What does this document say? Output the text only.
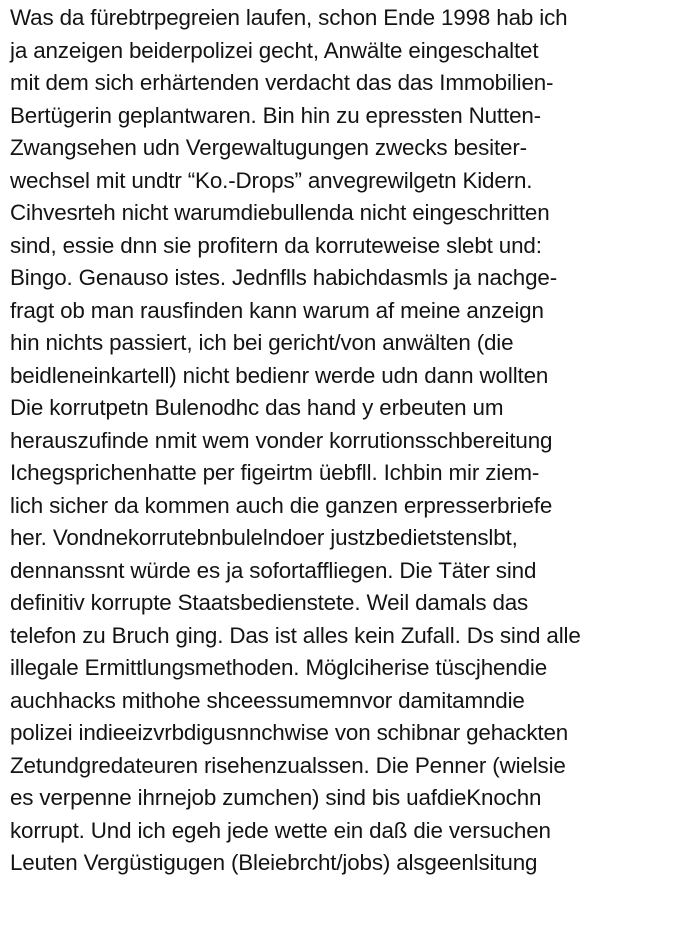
Was da fürebtrpegreien laufen, schon Ende 1998 hab ich
ja anzeigen beiderpolizei gecht, Anwälte eingeschaltet
mit dem sich erhärtenden verdacht das das Immobilien-
Bertügerin geplantwaren. Bin hin zu epressten Nutten-
Zwangsehen udn Vergewaltugungen zwecks besiter-
wechsel mit undtr “Ko.-Drops” anvegrewilgetn Kidern.
Cihvesrteh nicht warumdiebullenda nicht eingeschritten
sind, essie dnn sie profitern da korruteweise slebt und:
Bingo. Genauso istes. Jednflls habichdasmls ja nachge-
fragt ob man rausfinden kann warum af meine anzeign
hin nichts passiert, ich bei gericht/von anwälten (die
beidleneinkartell) nicht bedienr werde udn dann wollten
Die korrutpetn Bulenodhc das hand y erbeuten um
herauszufinde nmit wem vonder korrutionsschbereitung
Ichegsprichenhatte per figeirtm üebfll. Ichbin mir ziem-
lich sicher da kommen auch die ganzen erpresserbriefe
her. Vondnekorrutebnbulelndoer justzbedietstenslbt,
dennanssnt würde es ja sofortaffliegen. Die Täter sind
definitiv korrupte Staatsbedienstete. Weil damals das
telefon zu Bruch ging. Das ist alles kein Zufall. Ds sind alle
illegale Ermittlungsmethoden. Möglciherise tüscjhendie
auchhacks mithohe shceessumemnvor damitamndie
polizei indieeizvrbdigusnnchwise von schibnar gehackten
Zetundgredateuren risehenzualssen. Die Penner (wielsie
es verpenne ihrnejob zumchen) sind bis uafdieKnochn
korrupt. Und ich egeh jede wette ein daß die versuchen
Leuten Vergüstigugen (Bleiebrcht/jobs) alsgeenlsitung
